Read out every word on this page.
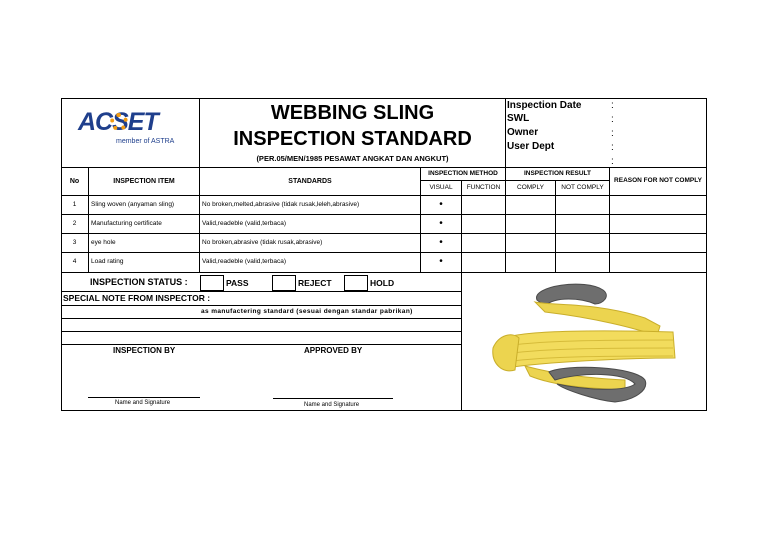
ACSET
member of ASTRA
WEBBING SLING
INSPECTION STANDARD
(PER.05/MEN/1985 PESAWAT ANGKAT DAN ANGKUT)
Inspection Date	:
SWL	:
Owner	:
User Dept	:
:
No	INSPECTION ITEM	STANDARDS
INSPECTION METHOD
VISUAL	FUNCTION
INSPECTION RESULT
COMPLY	NOT COMPLY
REASON FOR NOT COMPLY
1	Sling woven (anyaman sling)	No broken,melted,abrasive (tidak rusak,leleh,abrasive)	•
2	Manufacturing certificate	Valid,readeble (valid,terbaca)	•
3	eye hole	No broken,abrasive (tidak rusak,abrasive)	•
4	Load rating	Valid,readeble (valid,terbaca)	•
INSPECTION STATUS :	PASS	REJECT	HOLD
SPECIAL NOTE FROM INSPECTOR :
as manufactering standard (sesuai dengan standar pabrikan)
INSPECTION BY	APPROVED BY
Name and Signature	Name and Signature
